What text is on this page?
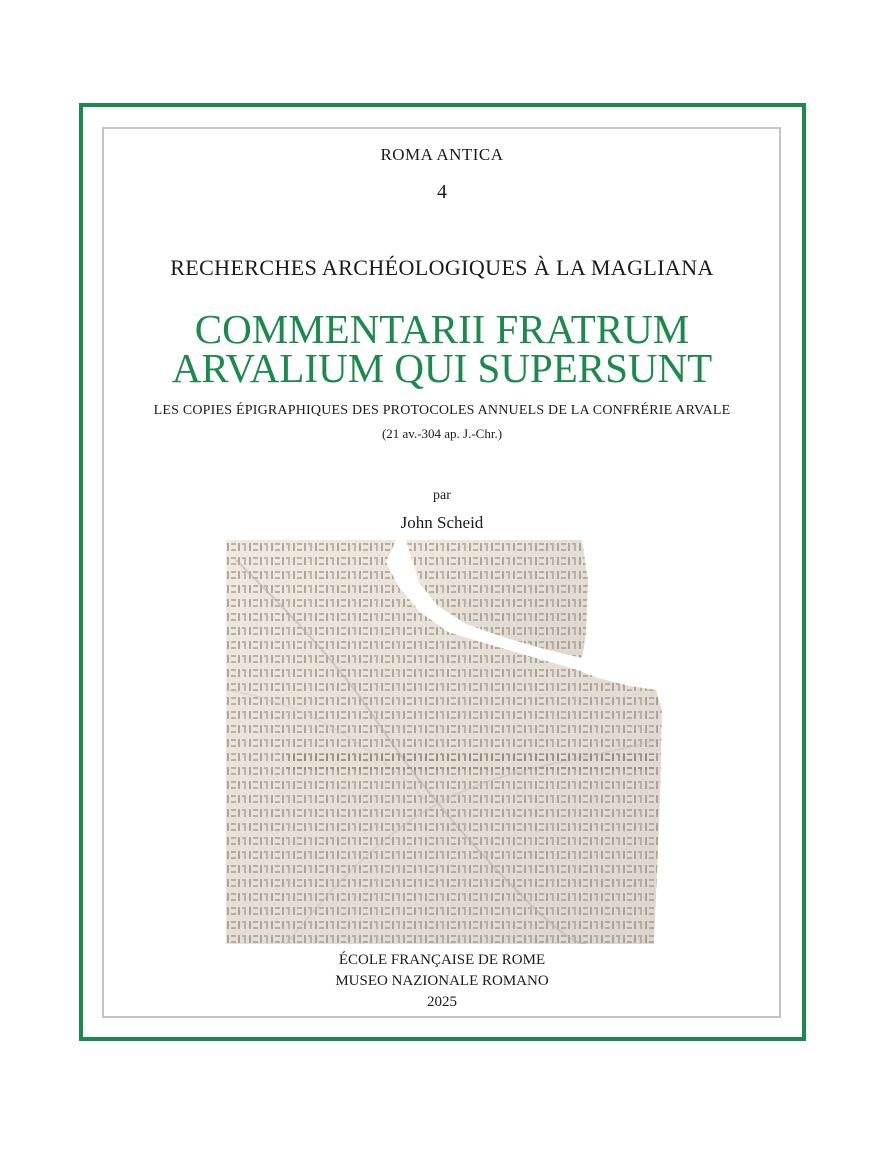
ROMA ANTICA

4

RECHERCHES ARCHÉOLOGIQUES À LA MAGLIANA

COMMENTARII FRATRUM

ARVALIUM QUI SUPERSUNT

LES COPIES ÉPIGRAPHIQUES DES PROTOCOLES ANNUELS DE LA CONFRÉRIE ARVALE

(21 av.-304 ap. J.-Chr.)

par

John Scheid

ÉCOLE FRANÇAISE DE ROME

MUSEO NAZIONALE ROMANO

2025
